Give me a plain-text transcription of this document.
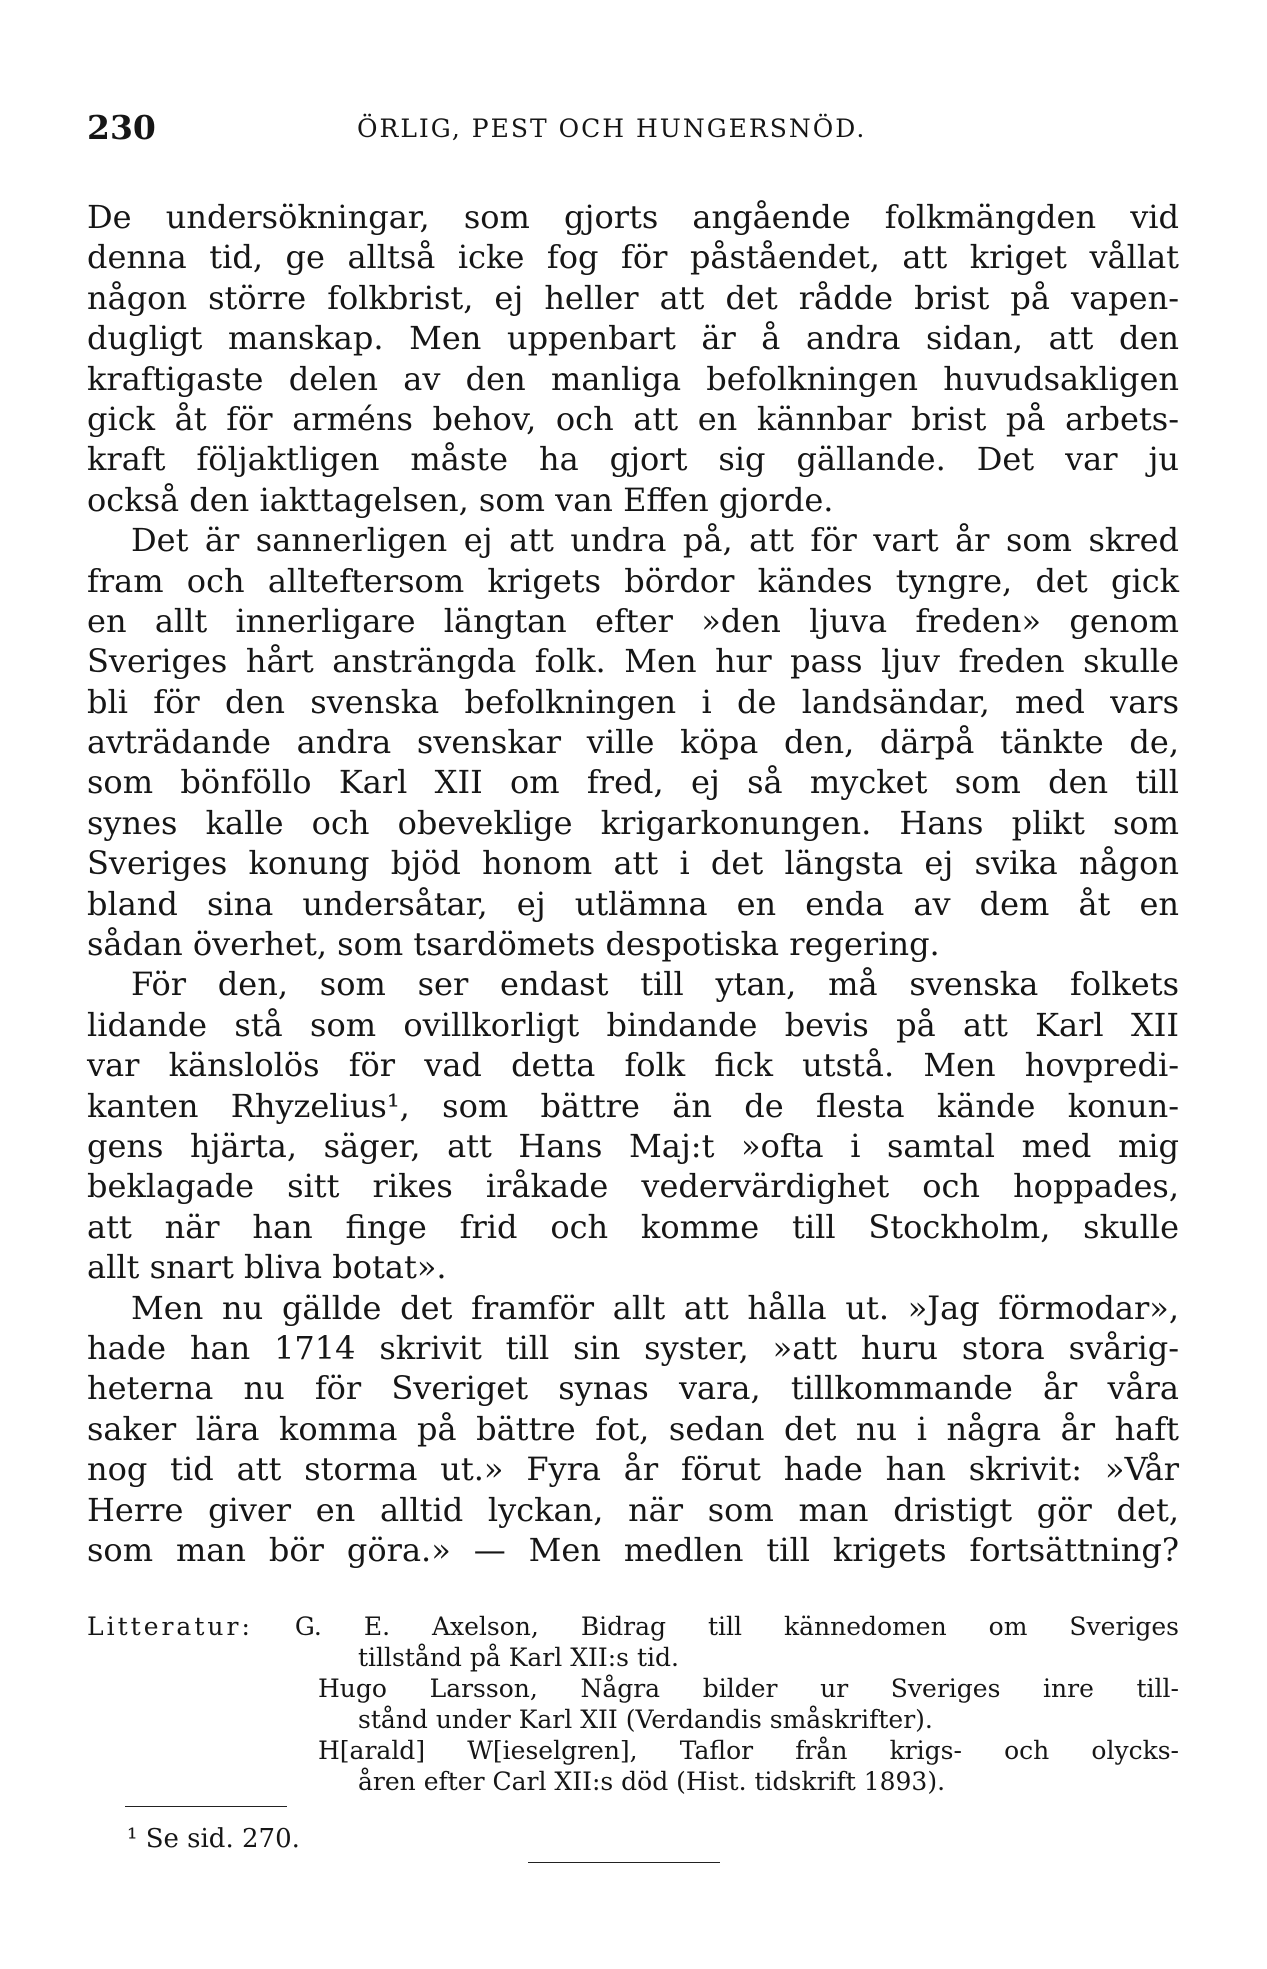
230	ÖRLIG, PEST OCH HUNGERSNÖD.
De undersökningar, som gjorts angående folkmängden vid
denna tid, ge alltså icke fog för påståendet, att kriget vållat
någon större folkbrist, ej heller att det rådde brist på vapen-
dugligt manskap. Men uppenbart är å andra sidan, att den
kraftigaste delen av den manliga befolkningen huvudsakligen
gick åt för arméns behov, och att en kännbar brist på arbets-
kraft följaktligen måste ha gjort sig gällande. Det var ju
också den iakttagelsen, som van Effen gjorde.
Det är sannerligen ej att undra på, att för vart år som skred
fram och allteftersom krigets bördor kändes tyngre, det gick
en allt innerligare längtan efter »den ljuva freden» genom
Sveriges hårt ansträngda folk. Men hur pass ljuv freden skulle
bli för den svenska befolkningen i de landsändar, med vars
avträdande andra svenskar ville köpa den, därpå tänkte de,
som bönföllo Karl XII om fred, ej så mycket som den till
synes kalle och obeveklige krigarkonungen. Hans plikt som
Sveriges konung bjöd honom att i det längsta ej svika någon
bland sina undersåtar, ej utlämna en enda av dem åt en
sådan överhet, som tsardömets despotiska regering.
För den, som ser endast till ytan, må svenska folkets
lidande stå som ovillkorligt bindande bevis på att Karl XII
var känslolös för vad detta folk fick utstå. Men hovpredi-
kanten Rhyzelius¹, som bättre än de flesta kände konun-
gens hjärta, säger, att Hans Maj:t »ofta i samtal med mig
beklagade sitt rikes iråkade vedervärdighet och hoppades,
att när han finge frid och komme till Stockholm, skulle
allt snart bliva botat».
Men nu gällde det framför allt att hålla ut. »Jag förmodar»,
hade han 1714 skrivit till sin syster, »att huru stora svårig-
heterna nu för Sveriget synas vara, tillkommande år våra
saker lära komma på bättre fot, sedan det nu i några år haft
nog tid att storma ut.» Fyra år förut hade han skrivit: »Vår
Herre giver en alltid lyckan, när som man dristigt gör det,
som man bör göra.» — Men medlen till krigets fortsättning?
Litteratur: G. E. Axelson, Bidrag till kännedomen om Sveriges
tillstånd på Karl XII:s tid.
Hugo Larsson, Några bilder ur Sveriges inre till-
stånd under Karl XII (Verdandis småskrifter).
H[arald] W[ieselgren], Taflor från krigs- och olycks-
åren efter Carl XII:s död (Hist. tidskrift 1893).
¹ Se sid. 270.
